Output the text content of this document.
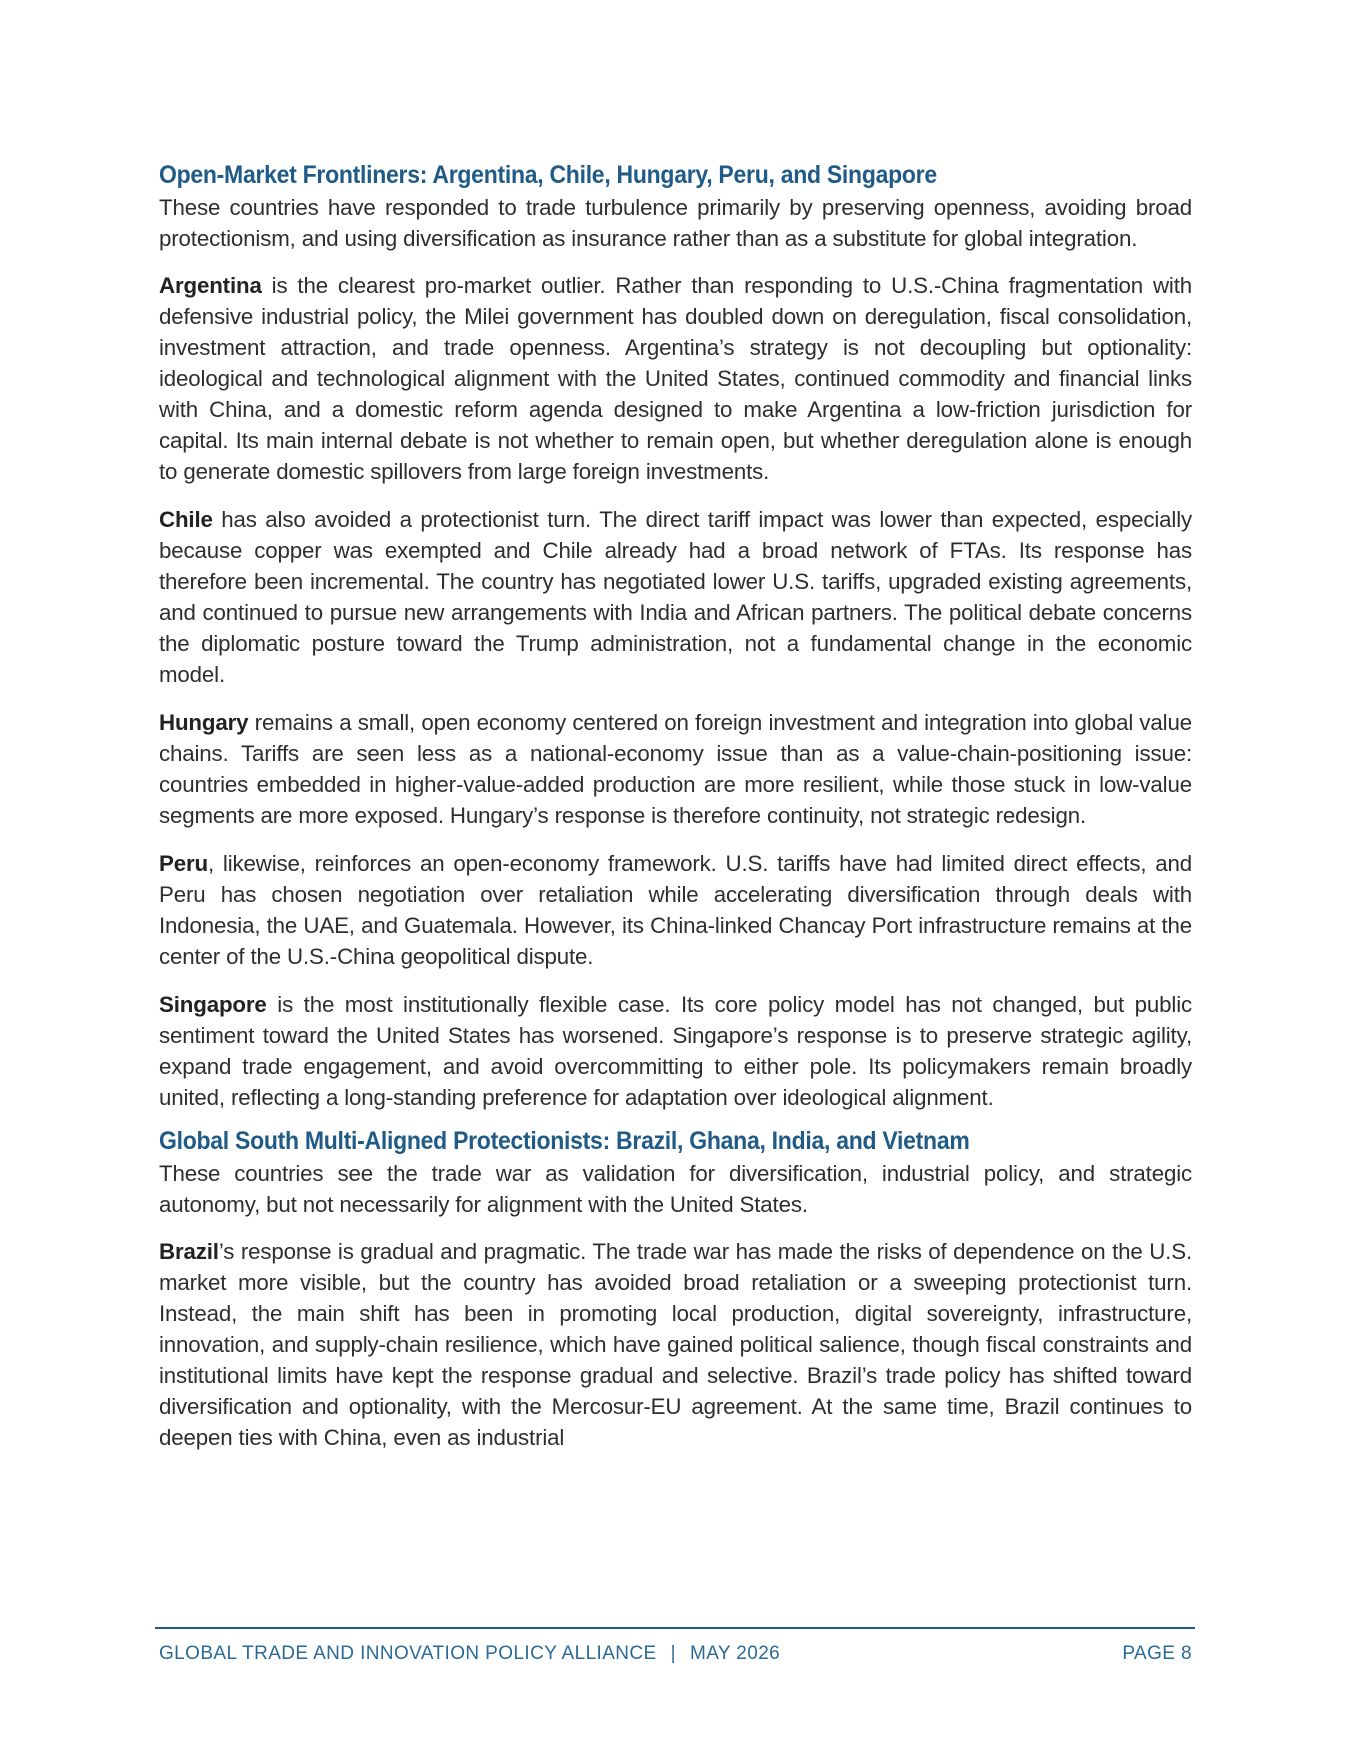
Open-Market Frontliners: Argentina, Chile, Hungary, Peru, and Singapore

These countries have responded to trade turbulence primarily by preserving openness, avoiding broad protectionism, and using diversification as insurance rather than as a substitute for global integration.

Argentina is the clearest pro-market outlier. Rather than responding to U.S.-China fragmentation with defensive industrial policy, the Milei government has doubled down on deregulation, fiscal consolidation, investment attraction, and trade openness. Argentina’s strategy is not decoupling but optionality: ideological and technological alignment with the United States, continued commodity and financial links with China, and a domestic reform agenda designed to make Argentina a low-friction jurisdiction for capital. Its main internal debate is not whether to remain open, but whether deregulation alone is enough to generate domestic spillovers from large foreign investments.

Chile has also avoided a protectionist turn. The direct tariff impact was lower than expected, especially because copper was exempted and Chile already had a broad network of FTAs. Its response has therefore been incremental. The country has negotiated lower U.S. tariffs, upgraded existing agreements, and continued to pursue new arrangements with India and African partners. The political debate concerns the diplomatic posture toward the Trump administration, not a fundamental change in the economic model.

Hungary remains a small, open economy centered on foreign investment and integration into global value chains. Tariffs are seen less as a national-economy issue than as a value-chain-positioning issue: countries embedded in higher-value-added production are more resilient, while those stuck in low-value segments are more exposed. Hungary’s response is therefore continuity, not strategic redesign.

Peru, likewise, reinforces an open-economy framework. U.S. tariffs have had limited direct effects, and Peru has chosen negotiation over retaliation while accelerating diversification through deals with Indonesia, the UAE, and Guatemala. However, its China-linked Chancay Port infrastructure remains at the center of the U.S.-China geopolitical dispute.

Singapore is the most institutionally flexible case. Its core policy model has not changed, but public sentiment toward the United States has worsened. Singapore’s response is to preserve strategic agility, expand trade engagement, and avoid overcommitting to either pole. Its policymakers remain broadly united, reflecting a long-standing preference for adaptation over ideological alignment.

Global South Multi-Aligned Protectionists: Brazil, Ghana, India, and Vietnam

These countries see the trade war as validation for diversification, industrial policy, and strategic autonomy, but not necessarily for alignment with the United States.

Brazil’s response is gradual and pragmatic. The trade war has made the risks of dependence on the U.S. market more visible, but the country has avoided broad retaliation or a sweeping protectionist turn. Instead, the main shift has been in promoting local production, digital sovereignty, infrastructure, innovation, and supply-chain resilience, which have gained political salience, though fiscal constraints and institutional limits have kept the response gradual and selective. Brazil’s trade policy has shifted toward diversification and optionality, with the Mercosur-EU agreement. At the same time, Brazil continues to deepen ties with China, even as industrial

GLOBAL TRADE AND INNOVATION POLICY ALLIANCE | MAY 2026	PAGE 8
